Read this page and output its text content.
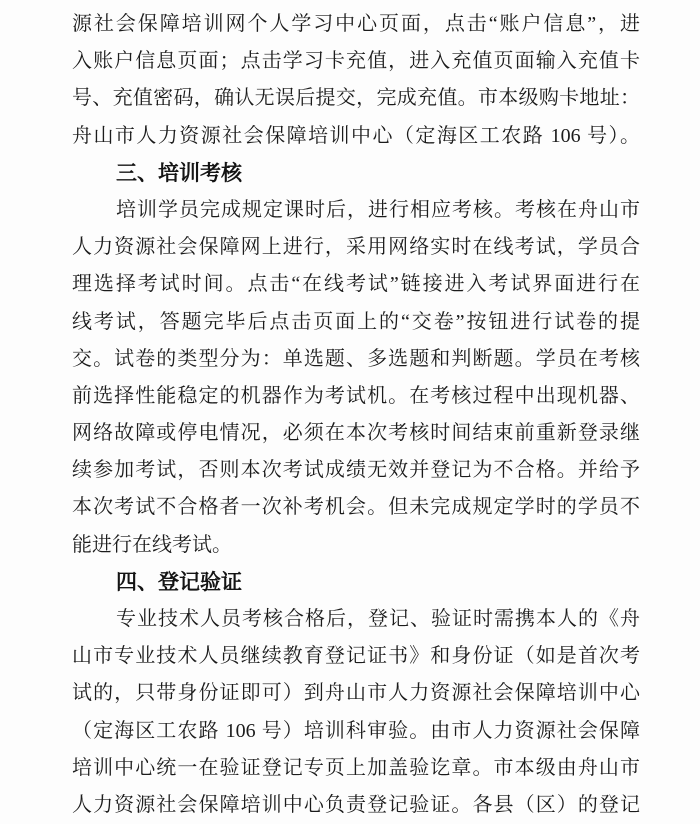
源社会保障培训网个人学习中心页面，点击“账户信息”，进
入账户信息页面；点击学习卡充值，进入充值页面输入充值卡
号、充值密码，确认无误后提交，完成充值。市本级购卡地址：
舟山市人力资源社会保障培训中心（定海区工农路 106 号）。
三、培训考核
培训学员完成规定课时后，进行相应考核。考核在舟山市
人力资源社会保障网上进行，采用网络实时在线考试，学员合
理选择考试时间。点击“在线考试”链接进入考试界面进行在
线考试，答题完毕后点击页面上的“交卷”按钮进行试卷的提
交。试卷的类型分为：单选题、多选题和判断题。学员在考核
前选择性能稳定的机器作为考试机。在考核过程中出现机器、
网络故障或停电情况，必须在本次考核时间结束前重新登录继
续参加考试，否则本次考试成绩无效并登记为不合格。并给予
本次考试不合格者一次补考机会。但未完成规定学时的学员不
能进行在线考试。
四、登记验证
专业技术人员考核合格后，登记、验证时需携本人的《舟
山市专业技术人员继续教育登记证书》和身份证（如是首次考
试的，只带身份证即可）到舟山市人力资源社会保障培训中心
（定海区工农路 106 号）培训科审验。由市人力资源社会保障
培训中心统一在验证登记专页上加盖验讫章。市本级由舟山市
人力资源社会保障培训中心负责登记验证。各县（区）的登记
